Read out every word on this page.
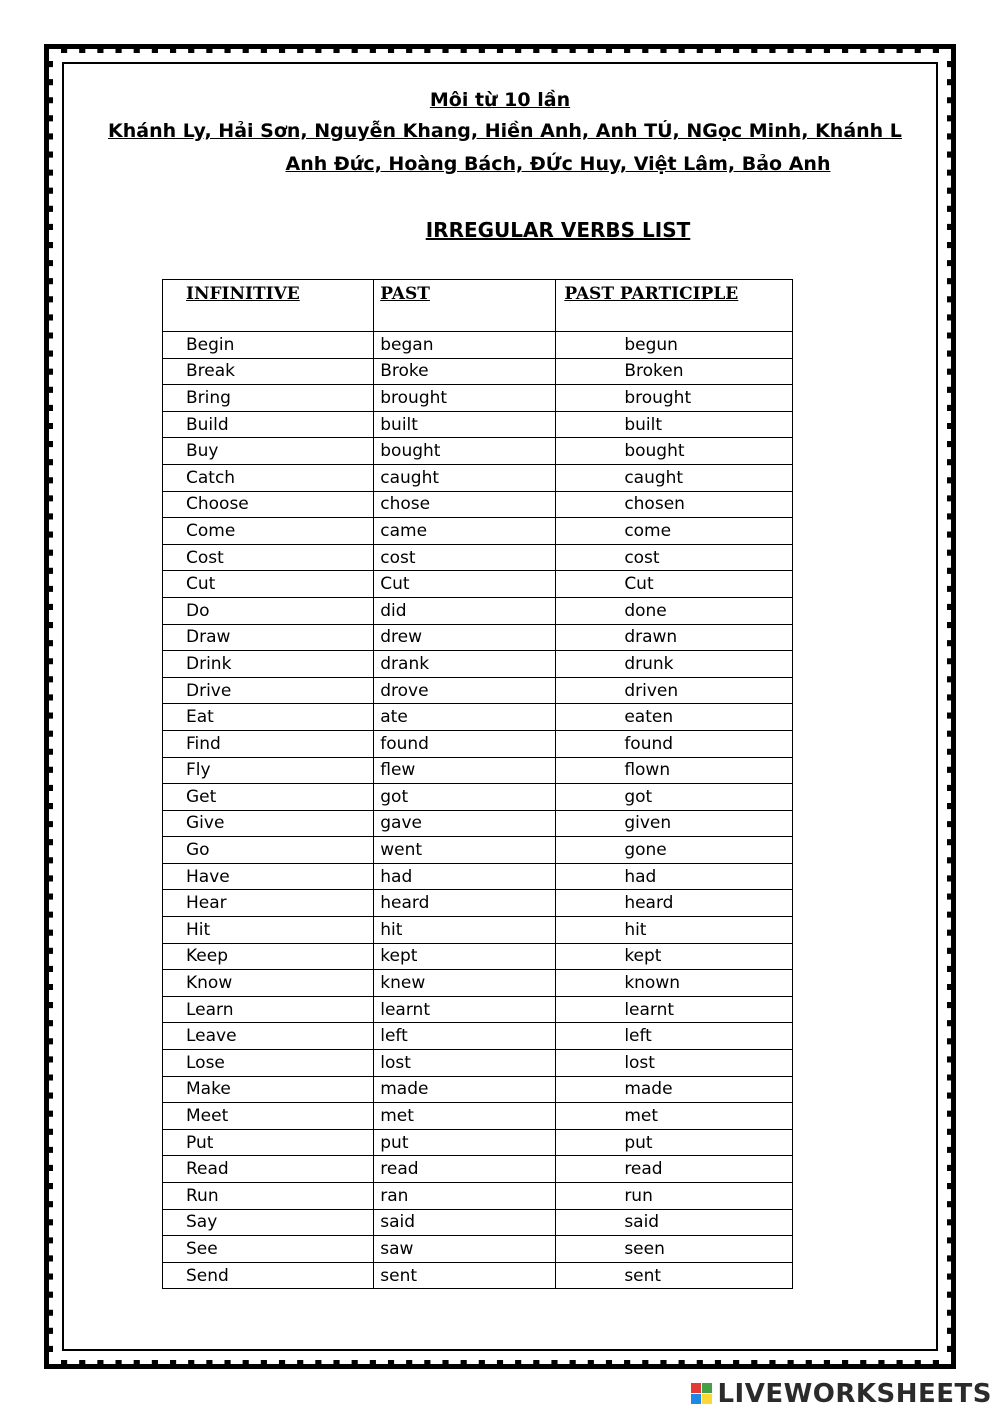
Môi từ 10 lần
Khánh Ly, Hải Sơn, Nguyễn Khang, Hiền Anh, Anh TÚ, NGọc Minh, Khánh L
Anh Đức, Hoàng Bách, ĐỨc Huy, Việt Lâm, Bảo Anh
IRREGULAR VERBS LIST
INFINITIVE	PAST	PAST PARTICIPLE
Begin	began	begun
Break	Broke	Broken
Bring	brought	brought
Build	built	built
Buy	bought	bought
Catch	caught	caught
Choose	chose	chosen
Come	came	come
Cost	cost	cost
Cut	Cut	Cut
Do	did	done
Draw	drew	drawn
Drink	drank	drunk
Drive	drove	driven
Eat	ate	eaten
Find	found	found
Fly	flew	flown
Get	got	got
Give	gave	given
Go	went	gone
Have	had	had
Hear	heard	heard
Hit	hit	hit
Keep	kept	kept
Know	knew	known
Learn	learnt	learnt
Leave	left	left
Lose	lost	lost
Make	made	made
Meet	met	met
Put	put	put
Read	read	read
Run	ran	run
Say	said	said
See	saw	seen
Send	sent	sent
LIVEWORKSHEETS
